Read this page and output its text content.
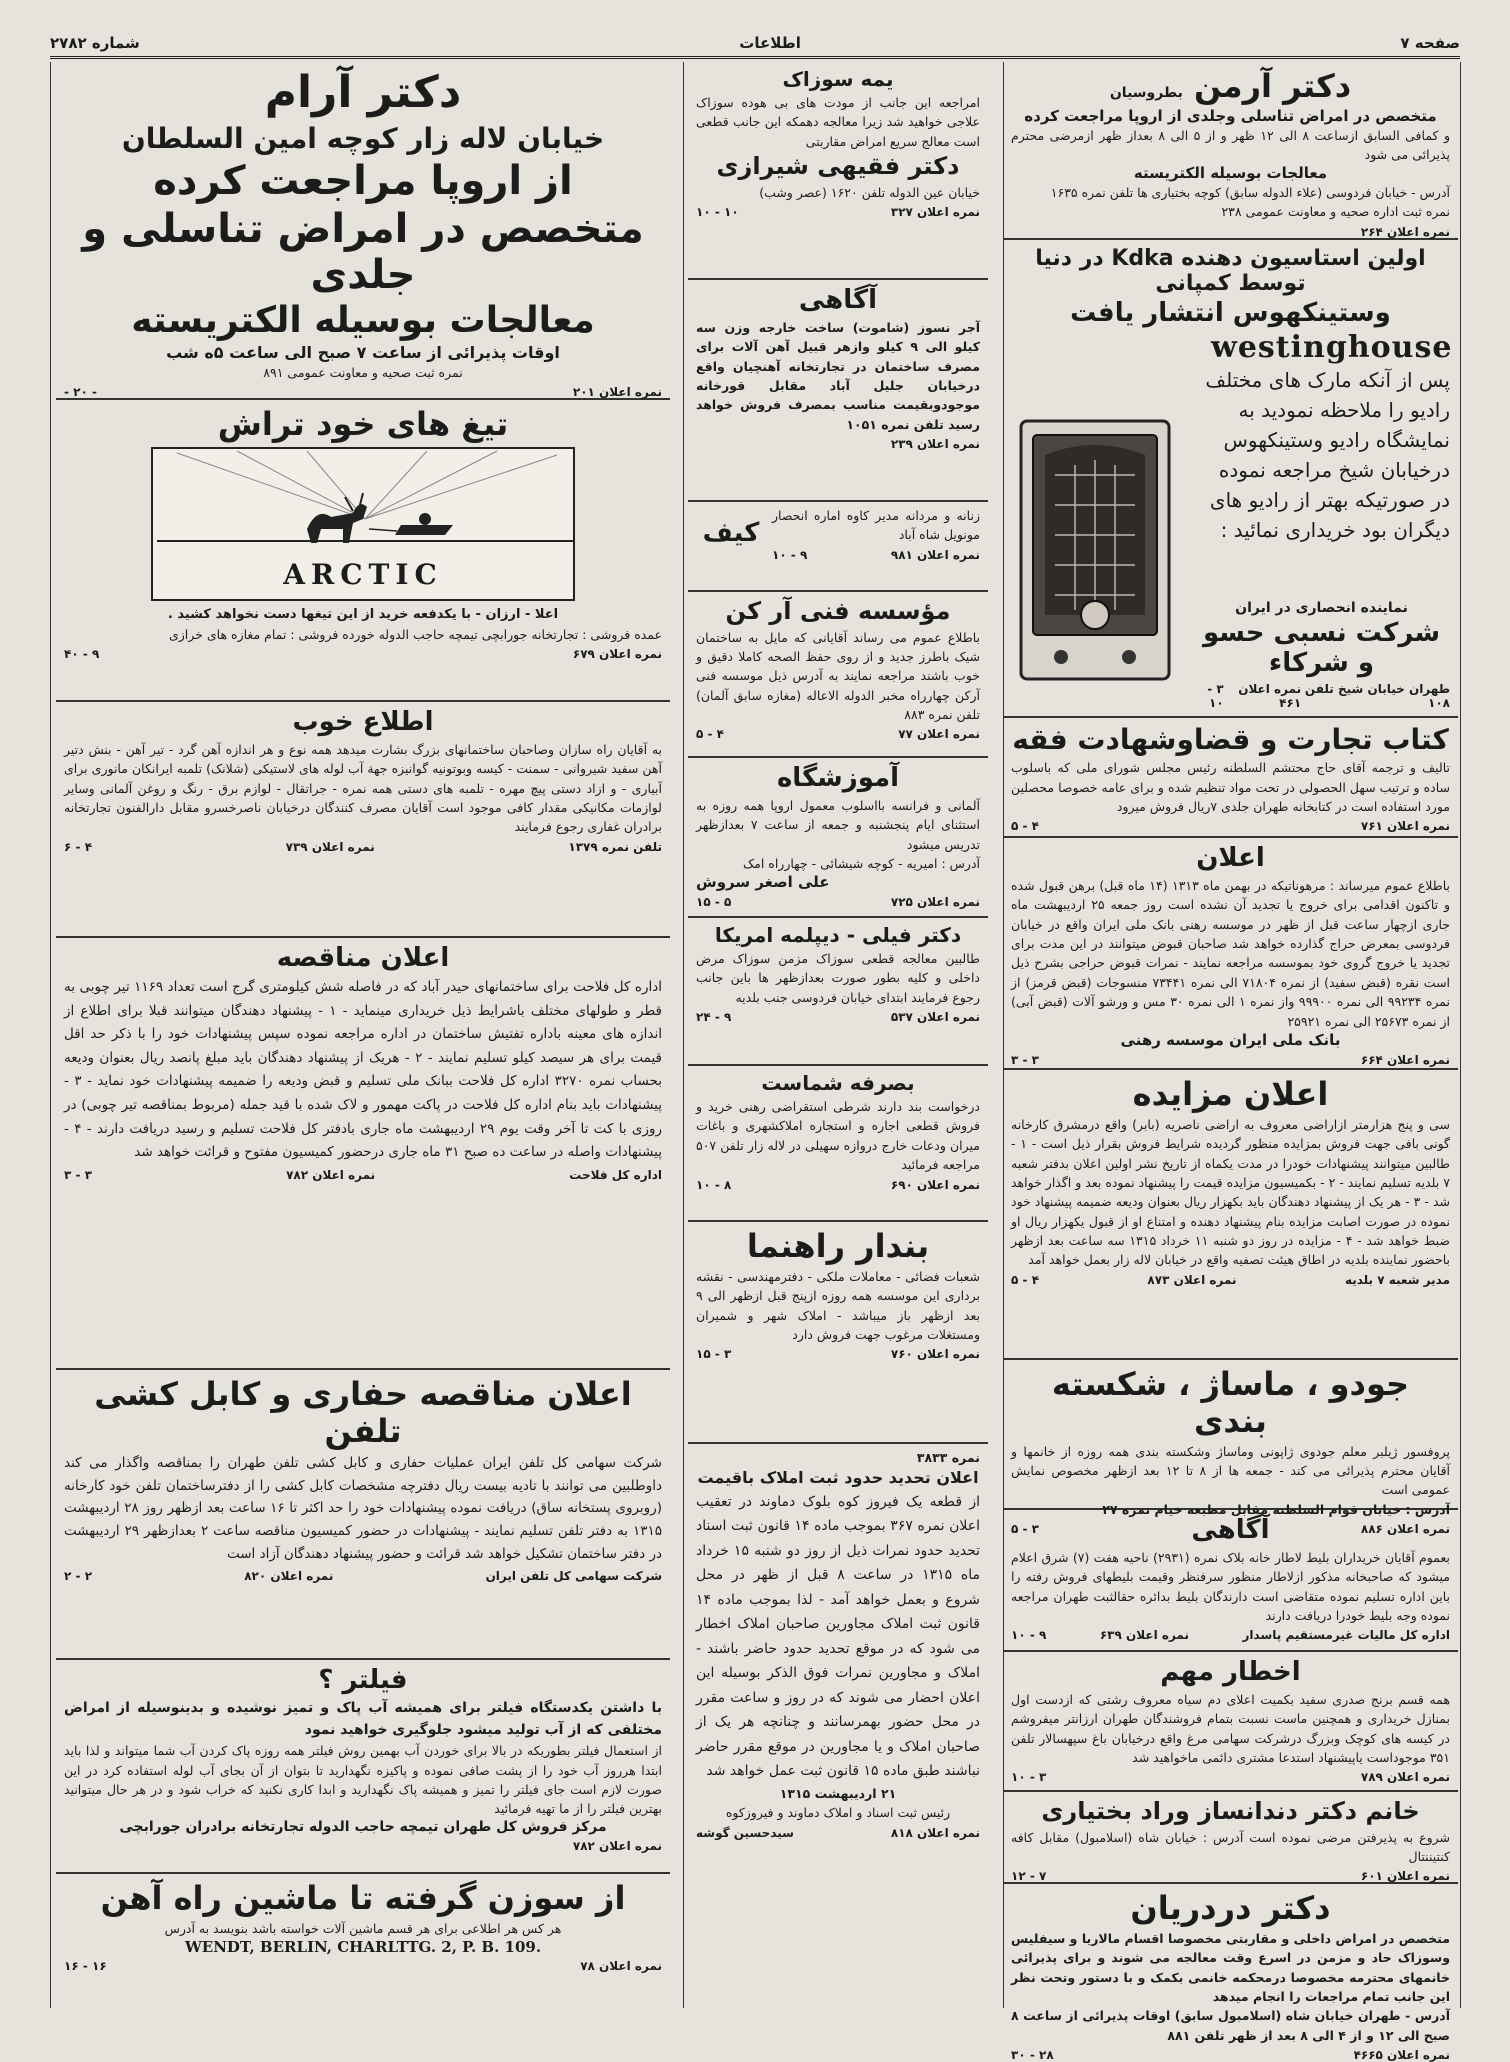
صفحه ۷
اطلاعات
شماره ۲۷۸۲
دکتر آرمن بطروسیان
متخصص در امراض تناسلی وجلدی از اروپا مراجعت کرده

و کمافی السابق ازساعت ۸ الی ۱۲ ظهر و از ۵ الی ۸ بعداز ظهر ازمرضی محترم پذیرائی می شود

معالجات بوسیله الکتریسته

آدرس - خیابان فردوسی (علاء الدوله سابق) کوچه بختیاری ها تلفن نمره ۱۶۳۵

نمره ثبت اداره صحیه و معاونت عمومی ۲۳۸

نمره اعلان ۲۶۴
اولین استاسیون دهنده Kdka در دنیا توسط کمپانی
وستینکهوس انتشار یافت
westinghouse

پس از آنکه مارک های مختلف رادیو را ملاحظه نمودید به نمایشگاه رادیو وستینکهوس درخیابان شیخ مراجعه نموده در صورتیکه بهتر از رادیو های دیگران بود خریداری نمائید :

نماینده انحصاری در ایران
شرکت نسبی حسو و شرکاء
طهران خیابان شیخ تلفن ۱۰۸
نمره اعلان ۴۶۱
۳ - ۱۰
کتاب تجارت و قضاوشهادت فقه

تالیف و ترجمه آقای حاج محتشم السلطنه رئیس مجلس شورای ملی که باسلوب ساده و ترتیب سهل الحصولی در تحت مواد تنظیم شده و برای عامه خصوصا محصلین مورد استفاده است در کتابخانه طهران جلدی ۷ریال فروش میرود

نمره اعلان ۷۶۱
۴ - ۵
اعلان

باطلاع عموم میرساند : مرهوناتیکه در بهمن ماه ۱۳۱۳ (۱۴ ماه قبل) برهن قبول شده و تاکنون اقدامی برای خروج یا تجدید آن نشده است روز جمعه ۲۵ اردیبهشت ماه جاری ازچهار ساعت قبل از ظهر در موسسه رهنی بانک ملی ایران واقع در خیابان فردوسی بمعرض حراج گذارده خواهد شد صاحبان قبوض میتوانند در این مدت برای تجدید یا خروج گروی خود بموسسه مراجعه نمایند - نمرات قبوض حراجی بشرح ذیل است نقره (قبض سفید) از نمره ۷۱۸۰۴ الی نمره ۷۳۴۴۱ منسوجات (قبض قرمز) از نمره ۹۹۲۳۴ الی نمره ۹۹۹۰۰ واز نمره ۱ الی نمره ۳۰ مس و ورشو آلات (قبض آبی) از نمره ۲۵۶۷۳ الی نمره ۲۵۹۲۱

بانک ملی ایران موسسه رهنی
نمره اعلان ۶۶۴
۳ - ۳
اعلان مزایده

سی و پنج هزارمتر ازاراضی معروف به اراضی ناصریه (بابر) واقع درمشرق کارخانه گونی بافی جهت فروش بمزایده منظور گردیده شرایط فروش بقرار ذیل است - ۱ - طالبین میتوانند پیشنهادات خودرا در مدت یکماه از تاریخ نشر اولین اعلان بدفتر شعبه ۷ بلدیه تسلیم نمایند - ۲ - بکمیسیون مزایده قیمت را پیشنهاد نموده بعد و اگذار خواهد شد - ۳ - هر یک از پیشنهاد دهندگان باید بکهزار ریال بعنوان ودیعه ضمیمه پیشنهاد خود نموده در صورت اصابت مزایده بنام پیشنهاد دهنده و امتناع او از قبول یکهزار ریال او ضبط خواهد شد - ۴ - مزایده در روز دو شنبه ۱۱ خرداد ۱۳۱۵ سه ساعت بعد ازظهر باحضور نماینده بلدیه در اطاق هیئت تصفیه واقع در خیابان لاله زار بعمل خواهد آمد

مدیر شعبه ۷ بلدیه
نمره اعلان ۸۷۳
۴ - ۵
جودو ، ماساژ ، شکسته بندی

پروفسور ژیلبر معلم جودوی ژاپونی وماساژ وشکسته بندی همه روزه از خانمها و آقایان محترم پذیرائی می کند - جمعه ها از ۸ تا ۱۲ بعد ازظهر مخصوص نمایش عمومی است

آدرس : خیابان قوام السلطنه مقابل مطبعه خیام نمره ۲۷

نمره اعلان ۸۸۶
۳ - ۵	آگاهی

بعموم آقایان خریداران بلیط لاطار خانه بلاک نمره (۲۹۳۱) ناحیه هفت (۷) شرق اعلام میشود که صاحبخانه مذکور ازلاطار منظور سرفنظر وقیمت بلیطهای فروش رفته را باین اداره تسلیم نموده متقاضی است دارندگان بلیط بدائره حقالثبت طهران مراجعه نموده وجه بلیط خودرا دریافت دارند

اداره کل مالیات غیرمستقیم پاسدار
نمره اعلان ۶۳۹
۹ - ۱۰
اخطار مهم

همه قسم برنج صدری سفید بکمیت اعلای دم سیاه معروف رشتی که ازدست اول بمنازل خریداری و همچنین ماست نسبت بتمام فروشندگان طهران ارزانتر میفروشم در کیسه های کوچک وبزرگ درشرکت سهامی مرغ واقع درخیابان باغ سپهسالار تلفن ۳۵۱ موجوداست یاپیشنهاد استدعا مشتری دائمی ماخواهید شد

نمره اعلان ۷۸۹
۳ - ۱۰
خانم دکتر دندانساز وراد بختیاری

شروع به پذیرفتن مرضی نموده است آدرس : خیابان شاه (اسلامبول) مقابل کافه کنتیننتال

نمره اعلان ۶۰۱
۷ - ۱۲
دکتر دردریان

متخصص در امراض داخلی و مقاربتی مخصوصا اقسام مالاریا و سیفلیس وسوزاک حاد و مزمن در اسرع وقت معالجه می شوند و برای پذیرائی خانمهای محترمه مخصوصا درمحکمه خانمی بکمک و با دستور وتحت نظر این جانب تمام مراجعات را انجام میدهد

آدرس - طهران خیابان شاه (اسلامبول سابق) اوقات پذیرائی از ساعت ۸ صبح الی ۱۲ و از ۴ الی ۸ بعد از ظهر تلفن ۸۸۱

نمره اعلان ۴۶۶۵
۲۸ - ۳۰
یمه سوزاک

امراجعه این جانب از مودت های بی هوده سوزاک علاجی خواهید شد زیرا معالجه دهمکه این جانب قطعی است معالج سریع امراض مقاربتی

دکتر فقیهی شیرازی

خیابان عین الدوله تلفن ۱۶۲۰ (عصر وشب)

نمره اعلان ۳۲۷
۱۰ - ۱۰
آگاهی

آجر نسوز (شاموت) ساخت خارجه وزن سه کیلو الی ۹ کیلو وازهر قبیل آهن آلات برای مصرف ساختمان در تجارتخانه آهنچیان واقع درخیابان جلیل آباد مقابل قورخانه موجودوبقیمت مناسب بمصرف فروش خواهد رسید تلفن نمره ۱۰۵۱

نمره اعلان ۲۳۹

زنانه و مردانه مدیر کاوه اماره انحصار مونویل شاه آباد

نمره اعلان ۹۸۱
۹ - ۱۰
کیف
مؤسسه فنی آر کن

باطلاع عموم می رساند آقایانی که مایل به ساختمان شیک باطرز جدید و از روی حفظ الصحه کاملا دقیق و خوب باشند مراجعه نمایند به آدرس ذیل موسسه فنی آرکن چهارراه مخبر الدوله الاعاله (مغازه سابق آلمان) تلفن نمره ۸۸۳

نمره اعلان ۷۷
۴ - ۵
آموزشگاه

آلمانی و فرانسه بااسلوب معمول اروپا همه روزه به استثنای ایام پنجشنبه و جمعه از ساعت ۷ بعدازظهر تدریس میشود

آدرس : امیریه - کوچه شیشائی - چهارراه امک

علی اصغر سروش
نمره اعلان ۷۲۵
۵ - ۱۵
دکتر فیلی - دیپلمه امریکا

طالبین معالجه قطعی سوزاک مزمن سوزاک مرض داخلی و کلیه بطور صورت بعدازظهر ها باین جانب رجوع فرمایند ابتدای خیابان فردوسی جنب بلدیه

نمره اعلان ۵۳۷
۹ - ۲۴
بصرفه شماست

درخواست بند دارند شرطی استقراضی رهنی خرید و فروش قطعی اجاره و استجاره املاکشهری و باغات میران ودعات خارج دروازه سهیلی در لاله زار تلفن ۵۰۷ مراجعه فرمائید

نمره اعلان ۶۹۰
۸ - ۱۰
بندار راهنما

شعبات فضائی - معاملات ملکی - دفترمهندسی - نقشه برداری این موسسه همه روزه ازپنج قبل ازظهر الی ۹ بعد ازظهر باز میباشد - املاک شهر و شمیران ومستغلات مرغوب جهت فروش دارد

نمره اعلان ۷۶۰
۳ - ۱۵
نمره ۳۸۳۳
اعلان تحدید حدود ثبت املاک باقیمت

از قطعه یک فیروز کوه بلوک دماوند در تعقیب اعلان نمره ۳۶۷ بموجب ماده ۱۴ قانون ثبت اسناد تحدید حدود نمرات ذیل از روز دو شنبه ۱۵ خرداد ماه ۱۳۱۵ در ساعت ۸ قبل از ظهر در محل شروع و بعمل خواهد آمد - لذا بموجب ماده ۱۴ قانون ثبت املاک مجاورین صاحبان املاک اخطار می شود که در موقع تحدید حدود حاضر باشند - املاک و مجاورین نمرات فوق الذکر بوسیله این اعلان احضار می شوند که در روز و ساعت مقرر در محل حضور بهمرسانند و چنانچه هر یک از صاحبان املاک و یا مجاورین در موقع مقرر حاضر نباشند طبق ماده ۱۵ قانون ثبت عمل خواهد شد

۲۱ اردیبهشت ۱۳۱۵
رئیس ثبت اسناد و املاک دماوند و فیروزکوه
نمره اعلان ۸۱۸
سیدحسین گوشه
دکتر آرام
خیابان لاله زار کوچه امین السلطان
از اروپا مراجعت کرده
متخصص در امراض تناسلی و جلدی
معالجات بوسیله الکتریسته
اوقات پذیرائی از ساعت ۷ صبح الی ساعت ۵ه شب
نمره ثبت صحیه و معاونت عمومی ۸۹۱
نمره اعلان ۲۰۱
- ۲۰ -
تیغ های خود تراش
ARCTIC

اعلا - ارزان - با یکدفعه خرید از این تیغها دست نخواهد کشید .

عمده فروشی : تجارتخانه جورابچی تیمچه حاجب الدوله خورده فروشی : تمام مغازه های خرازی

نمره اعلان ۶۷۹
۹ - ۴۰
اطلاع خوب

به آقایان راه سازان وصاحبان ساختمانهای بزرگ بشارت میدهد همه نوع و هر اندازه آهن گرد - تیر آهن - بنش دتیر آهن سفید شیروانی - سمنت - کیسه وبوتونیه گوانیزه جهة آب لوله های لاستیکی (شلانک) تلمبه ایرانکان مانوری برای آبیاری - و ازاد دستی پیچ مهره - تلمبه های دستی همه نمره - جراتقال - لوازم برق - رنگ و روغن آلمانی وسایر لوازمات مکانیکی مقدار کافی موجود است آقایان مصرف کنندگان درخیابان ناصرخسرو مقابل دارالفنون تجارتخانه برادران غفاری رجوع فرمایند

تلفن نمره ۱۳۷۹
نمره اعلان ۷۳۹
۴ - ۶
اعلان مناقصه

اداره کل فلاحت برای ساختمانهای حیدر آباد که در فاصله شش کیلومتری گرج است تعداد ۱۱۶۹ تیر چوبی به قطر و طولهای مختلف باشرایط ذیل خریداری مینماید - ۱ - پیشنهاد دهندگان میتوانند قبلا برای اطلاع از اندازه های معینه باداره تفتیش ساختمان در اداره مراجعه نموده سپس پیشنهادات خود را با ذکر حد اقل قیمت برای هر سیصد کیلو تسلیم نمایند - ۲ - هریک از پیشنهاد دهندگان باید مبلغ پانصد ریال بعنوان ودیعه بحساب نمره ۳۲۷۰ اداره کل فلاحت ببانک ملی تسلیم و قبض ودیعه را ضمیمه پیشنهادات خود نماید - ۳ - پیشنهادات باید بنام اداره کل فلاحت در پاکت مهمور و لاک شده با قید جمله (مربوط بمناقصه تیر چوبی) در روزی با کت تا آخر وقت یوم ۲۹ اردیبهشت ماه جاری بادفتر کل فلاحت تسلیم و رسید دریافت دارند - ۴ - پیشنهادات واصله در ساعت ده صبح ۳۱ ماه جاری درحضور کمیسیون مفتوح و قرائت خواهد شد

اداره کل فلاحت
نمره اعلان ۷۸۲
۳ - ۳
اعلان مناقصه حفاری و کابل کشی تلفن

شرکت سهامی کل تلفن ایران عملیات حفاری و کابل کشی تلفن طهران را بمناقصه واگذار می کند داوطلبین می توانند با تادیه بیست ریال دفترچه مشخصات کابل کشی را از دفترساختمان تلفن خود کارخانه (روبروی پستخانه ساق) دریافت نموده پیشنهادات خود را حد اکثر تا ۱۶ ساعت بعد ازظهر روز ۲۸ اردیبهشت ۱۳۱۵ به دفتر تلفن تسلیم نمایند - پیشنهادات در حضور کمیسیون مناقصه ساعت ۲ بعدازظهر ۲۹ اردیبهشت در دفتر ساختمان تشکیل خواهد شد قرائت و حضور پیشنهاد دهندگان آزاد است

شرکت سهامی کل تلفن ایران
نمره اعلان ۸۲۰
۲ - ۲
فیلتر ؟

با داشتن یکدستگاه فیلتر برای همیشه آب پاک و تمیز نوشیده و بدینوسیله از امراض مختلفی که از آب تولید میشود جلوگیری خواهید نمود

از استعمال فیلتر بطوریکه در بالا برای خوردن آب بهمین روش فیلتر همه روزه پاک کردن آب شما میتواند و لذا باید ابتدا هرروز آب خود را از پشت صافی نموده و پاکیزه نگهدارید تا بتوان از آن بجای آب لوله استفاده کرد در این صورت لازم است جای فیلتر را تمیز و همیشه پاک نگهدارید و ابدا کاری نکنید که خراب شود و در هر حال میتوانید بهترین فیلتر را از ما تهیه فرمائید

مرکز فروش کل طهران تیمچه حاجب الدوله تجارتخانه برادران جورابچی
نمره اعلان ۷۸۲
از سوزن گرفته تا ماشین راه آهن

هر کس هر اطلاعی برای هر قسم ماشین آلات خواسته باشد بنویسد به آدرس

WENDT, BERLIN, CHARLTTG. 2, P. B. 109.
نمره اعلان ۷۸
۱۶ - ۱۶
